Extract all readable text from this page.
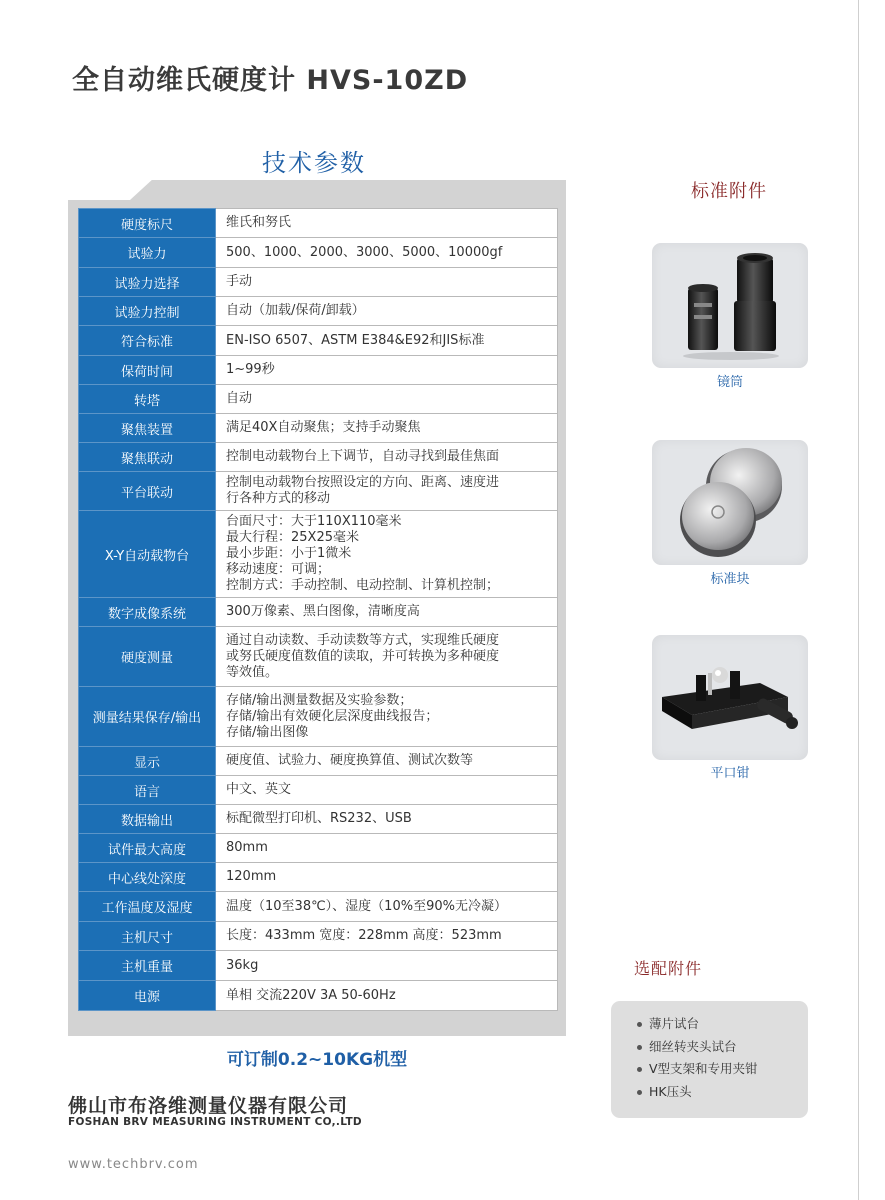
全自动维氏硬度计 HVS-10ZD
技术参数
硬度标尺	维氏和努氏

试验力	500、1000、2000、3000、5000、10000gf

试验力选择	手动

试验力控制	自动（加载/保荷/卸载）

符合标准	EN-ISO 6507、ASTM E384&E92和JIS标准

保荷时间	1~99秒

转塔	自动

聚焦装置	满足40X自动聚焦；支持手动聚焦

聚焦联动	控制电动载物台上下调节，自动寻找到最佳焦面

平台联动	控制电动载物台按照设定的方向、距离、速度进
行各种方式的移动

X-Y自动载物台	台面尺寸：大于110X110毫米
最大行程：25X25毫米
最小步距：小于1微米
移动速度：可调；
控制方式：手动控制、电动控制、计算机控制；

数字成像系统	300万像素、黑白图像，清晰度高

硬度测量	通过自动读数、手动读数等方式，实现维氏硬度
或努氏硬度值数值的读取，并可转换为多种硬度
等效值。

测量结果保存/输出	存储/输出测量数据及实验参数；
存储/输出有效硬化层深度曲线报告；
存储/输出图像

显示	硬度值、试验力、硬度换算值、测试次数等

语言	中文、英文

数据输出	标配微型打印机、RS232、USB

试件最大高度	80mm

中心线处深度	120mm

工作温度及湿度	温度（10至38℃）、湿度（10%至90%无冷凝）

主机尺寸	长度：433mm 宽度：228mm 高度：523mm

主机重量	36kg

电源	单相 交流220V 3A 50-60Hz
可订制0.2~10KG机型
佛山市布洛维测量仪器有限公司
FOSHAN BRV MEASURING INSTRUMENT CO,.LTD
www.techbrv.com
标准附件
镜筒
标准块
平口钳
选配附件
薄片试台
细丝转夹头试台
V型支架和专用夹钳
HK压头
